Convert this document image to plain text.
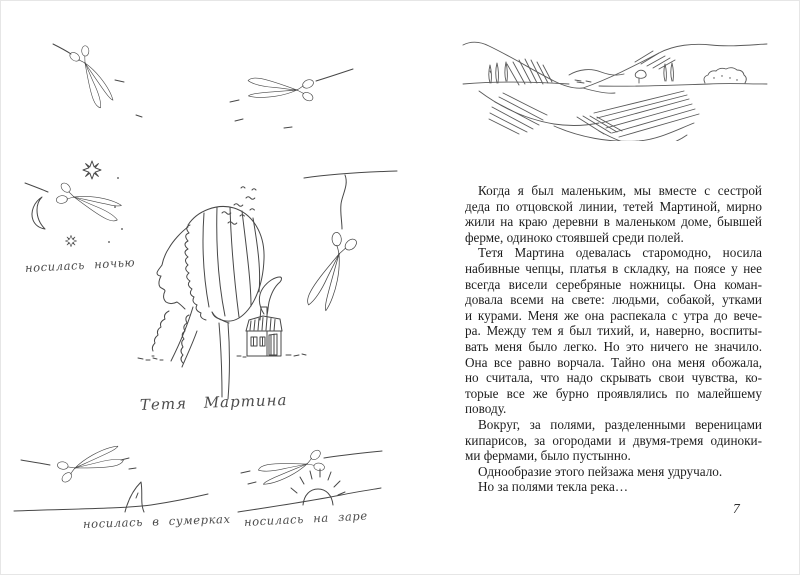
носилась ночью
Тетя Мартина
носилась в сумерках носилась на заре
Когда я был маленьким, мы вместе с сестрой
деда по отцовской линии, тетей Мартиной, мирно
жили на краю деревни в маленьком доме, бывшей
ферме, одиноко стоявшей среди полей.
Тетя Мартина одевалась старомодно, носила
набивные чепцы, платья в складку, на поясе у нее
всегда висели серебряные ножницы. Она коман-
довала всеми на свете: людьми, собакой, утками
и курами. Меня же она распекала с утра до вече-
ра. Между тем я был тихий, и, наверно, воспиты-
вать меня было легко. Но это ничего не значило.
Она все равно ворчала. Тайно она меня обожала,
но считала, что надо скрывать свои чувства, ко-
торые все же бурно проявлялись по малейшему
поводу.
Вокруг, за полями, разделенными вереницами
кипарисов, за огородами и двумя-тремя одиноки-
ми фермами, было пустынно.
Однообразие этого пейзажа меня удручало.
Но за полями текла река…
7
